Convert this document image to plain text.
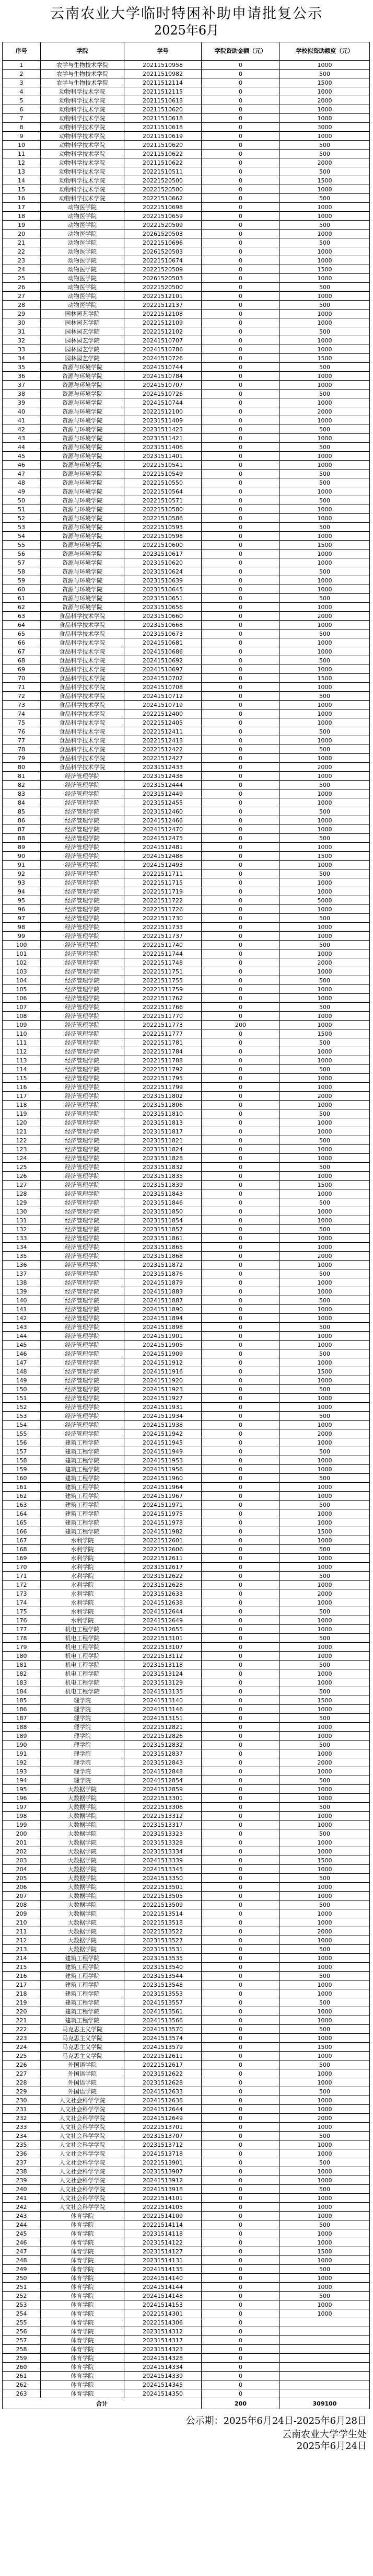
云南农业大学临时特困补助申请批复公示
2025年6月
序号	学院	学号	学院资助金额（元）	学校拟资助额度（元）
1	农学与生物技术学院	20211510958	0	1000
2	农学与生物技术学院	20211510982	0	500
3	农学与生物技术学院	20211512114	0	1500
4	动物科学技术学院	20211512115	0	1000
5	动物科学技术学院	20211510618	0	2000
6	动物科学技术学院	20211510620	0	1000
7	动物科学技术学院	20211510618	0	1000
8	动物科学技术学院	20211510618	0	3000
9	动物科学技术学院	20211510619	0	1000
10	动物科学技术学院	20211510620	0	500
11	动物科学技术学院	20211510622	0	500
12	动物科学技术学院	20211510622	0	2000
13	动物科学技术学院	20221510511	0	500
14	动物科学技术学院	20221520500	0	1500
15	动物科学技术学院	20221520500	0	1000
16	动物科学技术学院	20221510662	0	500
17	动物医学院	20221510698	0	1000
18	动物医学院	20221510659	0	1000
19	动物医学院	20221520509	0	500
20	动物医学院	20261520503	0	1000
21	动物医学院	20221510696	0	500
22	动物医学院	20261520503	0	1000
23	动物医学院	20221510674	0	1000
24	动物医学院	20221520509	0	1500
25	动物医学院	20261520503	0	1000
26	动物医学院	20221520500	0	500
27	动物医学院	20221512101	0	1000
28	动物医学院	20221512137	0	500
29	园林园艺学院	20221512108	0	1000
30	园林园艺学院	20221512109	0	1000
31	园林园艺学院	20221512102	0	500
32	园林园艺学院	20241510707	0	1000
33	园林园艺学院	20241510786	0	1000
34	园林园艺学院	20241510726	0	1500
35	资源与环境学院	20241510744	0	500
36	资源与环境学院	20241510784	0	1000
37	资源与环境学院	20241510707	0	1000
38	资源与环境学院	20241510726	0	500
39	资源与环境学院	20241510744	0	1000
40	资源与环境学院	20221512100	0	2000
41	资源与环境学院	20231511409	0	1000
42	资源与环境学院	20231511423	0	500
43	资源与环境学院	20231511421	0	1000
44	资源与环境学院	20231511406	0	500
45	资源与环境学院	20231511401	0	1000
46	资源与环境学院	20221510541	0	1000
47	资源与环境学院	20221510549	0	500
48	资源与环境学院	20221510550	0	500
49	资源与环境学院	20221510564	0	1000
50	资源与环境学院	20221510571	0	500
51	资源与环境学院	20221510580	0	1000
52	资源与环境学院	20221510586	0	1000
53	资源与环境学院	20221510593	0	500
54	资源与环境学院	20221510598	0	1000
55	资源与环境学院	20221510600	0	1500
56	资源与环境学院	20231510617	0	1000
57	资源与环境学院	20231510620	0	1000
58	资源与环境学院	20231510624	0	500
59	资源与环境学院	20231510639	0	1000
60	资源与环境学院	20231510645	0	1000
61	资源与环境学院	20231510651	0	500
62	资源与环境学院	20231510656	0	1000
63	食品科学技术学院	20231510660	0	2000
64	食品科学技术学院	20231510668	0	1000
65	食品科学技术学院	20231510673	0	500
66	食品科学技术学院	20241510681	0	1000
67	食品科学技术学院	20241510686	0	1000
68	食品科学技术学院	20241510692	0	500
69	食品科学技术学院	20241510697	0	1000
70	食品科学技术学院	20241510702	0	1500
71	食品科学技术学院	20241510708	0	1000
72	食品科学技术学院	20241510712	0	500
73	食品科学技术学院	20241510719	0	1000
74	食品科学技术学院	20221512400	0	1000
75	食品科学技术学院	20221512405	0	1000
76	食品科学技术学院	20221512411	0	500
77	食品科学技术学院	20221512418	0	1000
78	食品科学技术学院	20221512422	0	500
79	食品科学技术学院	20221512427	0	1000
80	食品科学技术学院	20231512433	0	2000
81	经济管理学院	20231512438	0	1000
82	经济管理学院	20231512444	0	500
83	经济管理学院	20231512449	0	1000
84	经济管理学院	20231512455	0	1000
85	经济管理学院	20231512460	0	500
86	经济管理学院	20241512466	0	1000
87	经济管理学院	20241512470	0	1000
88	经济管理学院	20241512475	0	500
89	经济管理学院	20241512481	0	1000
90	经济管理学院	20241512488	0	1500
91	经济管理学院	20241512493	0	1000
92	经济管理学院	20221511711	0	500
93	经济管理学院	20221511715	0	1000
94	经济管理学院	20221511719	0	1000
95	经济管理学院	20221511722	0	5000
96	经济管理学院	20221511726	0	1000
97	经济管理学院	20221511730	0	500
98	经济管理学院	20221511733	0	1000
99	经济管理学院	20221511737	0	1000
100	经济管理学院	20221511740	0	500
101	经济管理学院	20221511744	0	1000
102	经济管理学院	20221511748	0	2000
103	经济管理学院	20221511751	0	1000
104	经济管理学院	20221511755	0	500
105	经济管理学院	20221511759	0	1000
106	经济管理学院	20221511762	0	1000
107	经济管理学院	20221511766	0	500
108	经济管理学院	20221511770	0	1000
109	经济管理学院	20221511773	200	1000
110	经济管理学院	20221511777	0	1500
111	经济管理学院	20221511781	0	500
112	经济管理学院	20221511784	0	1000
113	经济管理学院	20221511788	0	1000
114	经济管理学院	20221511792	0	500
115	经济管理学院	20221511795	0	1000
116	经济管理学院	20221511799	0	1000
117	经济管理学院	20231511802	0	2000
118	经济管理学院	20231511806	0	1000
119	经济管理学院	20231511810	0	500
120	经济管理学院	20231511813	0	1000
121	经济管理学院	20231511817	0	1000
122	经济管理学院	20231511821	0	500
123	经济管理学院	20231511824	0	1000
124	经济管理学院	20231511828	0	1000
125	经济管理学院	20231511832	0	500
126	经济管理学院	20231511835	0	1000
127	经济管理学院	20231511839	0	1500
128	经济管理学院	20231511843	0	1000
129	经济管理学院	20231511846	0	500
130	经济管理学院	20231511850	0	1000
131	经济管理学院	20231511854	0	1000
132	经济管理学院	20231511857	0	500
133	经济管理学院	20231511861	0	1000
134	经济管理学院	20231511865	0	1000
135	经济管理学院	20231511868	0	2000
136	经济管理学院	20231511872	0	1000
137	经济管理学院	20231511876	0	500
138	经济管理学院	20241511879	0	1000
139	经济管理学院	20241511883	0	1000
140	经济管理学院	20241511887	0	500
141	经济管理学院	20241511890	0	1000
142	经济管理学院	20241511894	0	1000
143	经济管理学院	20241511898	0	500
144	经济管理学院	20241511901	0	1000
145	经济管理学院	20241511905	0	1000
146	经济管理学院	20241511909	0	500
147	经济管理学院	20241511912	0	1000
148	经济管理学院	20241511916	0	1500
149	经济管理学院	20241511920	0	1000
150	经济管理学院	20241511923	0	500
151	经济管理学院	20241511927	0	1000
152	经济管理学院	20241511931	0	1000
153	经济管理学院	20241511934	0	500
154	经济管理学院	20241511938	0	1000
155	经济管理学院	20241511942	0	2000
156	建筑工程学院	20241511945	0	1000
157	建筑工程学院	20241511949	0	500
158	建筑工程学院	20241511953	0	1000
159	建筑工程学院	20241511956	0	1000
160	建筑工程学院	20241511960	0	500
161	建筑工程学院	20241511964	0	1000
162	建筑工程学院	20241511967	0	1000
163	建筑工程学院	20241511971	0	500
164	建筑工程学院	20241511975	0	1000
165	建筑工程学院	20241511978	0	1000
166	建筑工程学院	20241511982	0	1500
167	水利学院	20221512601	0	1000
168	水利学院	20221512606	0	500
169	水利学院	20221512611	0	1000
170	水利学院	20231512617	0	1000
171	水利学院	20231512622	0	500
172	水利学院	20231512628	0	1000
173	水利学院	20231512633	0	2000
174	水利学院	20241512638	0	1000
175	水利学院	20241512644	0	500
176	水利学院	20241512649	0	1000
177	机电工程学院	20241512655	0	1000
178	机电工程学院	20221513101	0	500
179	机电工程学院	20221513107	0	1000
180	机电工程学院	20221513112	0	1000
181	机电工程学院	20231513118	0	500
182	机电工程学院	20231513124	0	1000
183	机电工程学院	20231513129	0	1000
184	机电工程学院	20241513135	0	500
185	理学院	20241513140	0	1500
186	理学院	20241513146	0	1000
187	理学院	20241513151	0	500
188	理学院	20221512821	0	1000
189	理学院	20221512826	0	1000
190	理学院	20231512832	0	500
191	理学院	20231512837	0	1000
192	理学院	20231512843	0	2000
193	理学院	20241512848	0	1000
194	理学院	20241512854	0	500
195	大数据学院	20241512859	0	1000
196	大数据学院	20221513301	0	1000
197	大数据学院	20221513306	0	500
198	大数据学院	20221513312	0	1000
199	大数据学院	20231513317	0	1000
200	大数据学院	20231513323	0	500
201	大数据学院	20231513328	0	1000
202	大数据学院	20231513334	0	1000
203	大数据学院	20241513339	0	1500
204	大数据学院	20241513345	0	1000
205	大数据学院	20241513350	0	500
206	大数据学院	20221513501	0	1000
207	大数据学院	20221513505	0	1000
208	大数据学院	20221513509	0	500
209	大数据学院	20221513514	0	1000
210	大数据学院	20221513518	0	1000
211	大数据学院	20221513522	0	2000
212	大数据学院	20231513527	0	1000
213	大数据学院	20231513531	0	500
214	建筑工程学院	20231513535	0	1000
215	建筑工程学院	20231513540	0	1000
216	建筑工程学院	20231513544	0	500
217	建筑工程学院	20231513548	0	1000
218	建筑工程学院	20231513553	0	1000
219	建筑工程学院	20241513557	0	500
220	建筑工程学院	20241513561	0	1000
221	建筑工程学院	20241513566	0	1000
222	马克思主义学院	20241513570	0	500
223	马克思主义学院	20241513574	0	1000
224	马克思主义学院	20241513579	0	1500
225	马克思主义学院	20221512611	0	1000
226	外国语学院	20221512617	0	500
227	外国语学院	20231512622	0	1000
228	外国语学院	20231512628	0	1000
229	外国语学院	20241512633	0	500
230	人文社会科学学院	20241512638	0	1000
231	人文社会科学学院	20241512644	0	1000
232	人文社会科学学院	20241512649	0	2000
233	人文社会科学学院	20221513701	0	1000
234	人文社会科学学院	20231513707	0	500
235	人文社会科学学院	20231513712	0	1000
236	人文社会科学学院	20241513718	0	1000
237	人文社会科学学院	20221513901	0	500
238	人文社会科学学院	20231513907	0	1000
239	人文社会科学学院	20241513912	0	1000
240	人文社会科学学院	20241513918	0	500
241	人文社会科学学院	20221514101	0	1000
242	人文社会科学学院	20221514105	0	1000
243	体育学院	20221514109	0	1000
244	体育学院	20221514114	0	500
245	体育学院	20231514118	0	1000
246	体育学院	20231514122	0	1000
247	体育学院	20231514127	0	1500
248	体育学院	20231514131	0	1000
249	体育学院	20241514135	0	500
250	体育学院	20241514140	0	1000
251	体育学院	20241514144	0	1000
252	体育学院	20241514148	0	500
253	体育学院	20241514153	0	1000
254	体育学院	20221514301	0	1000
255	体育学院	20221514306	0	
256	体育学院	20231514312	0	
257	体育学院	20231514317	0	
258	体育学院	20231514323	0	
259	体育学院	20241514328	0	
260	体育学院	20241514334	0	
261	体育学院	20241514339	0	
262	体育学院	20241514345	0	
263	体育学院	20241514350	0	
合计			200	309100
公示期：2025年6月24日-2025年6月28日
云南农业大学学生处
2025年6月24日
